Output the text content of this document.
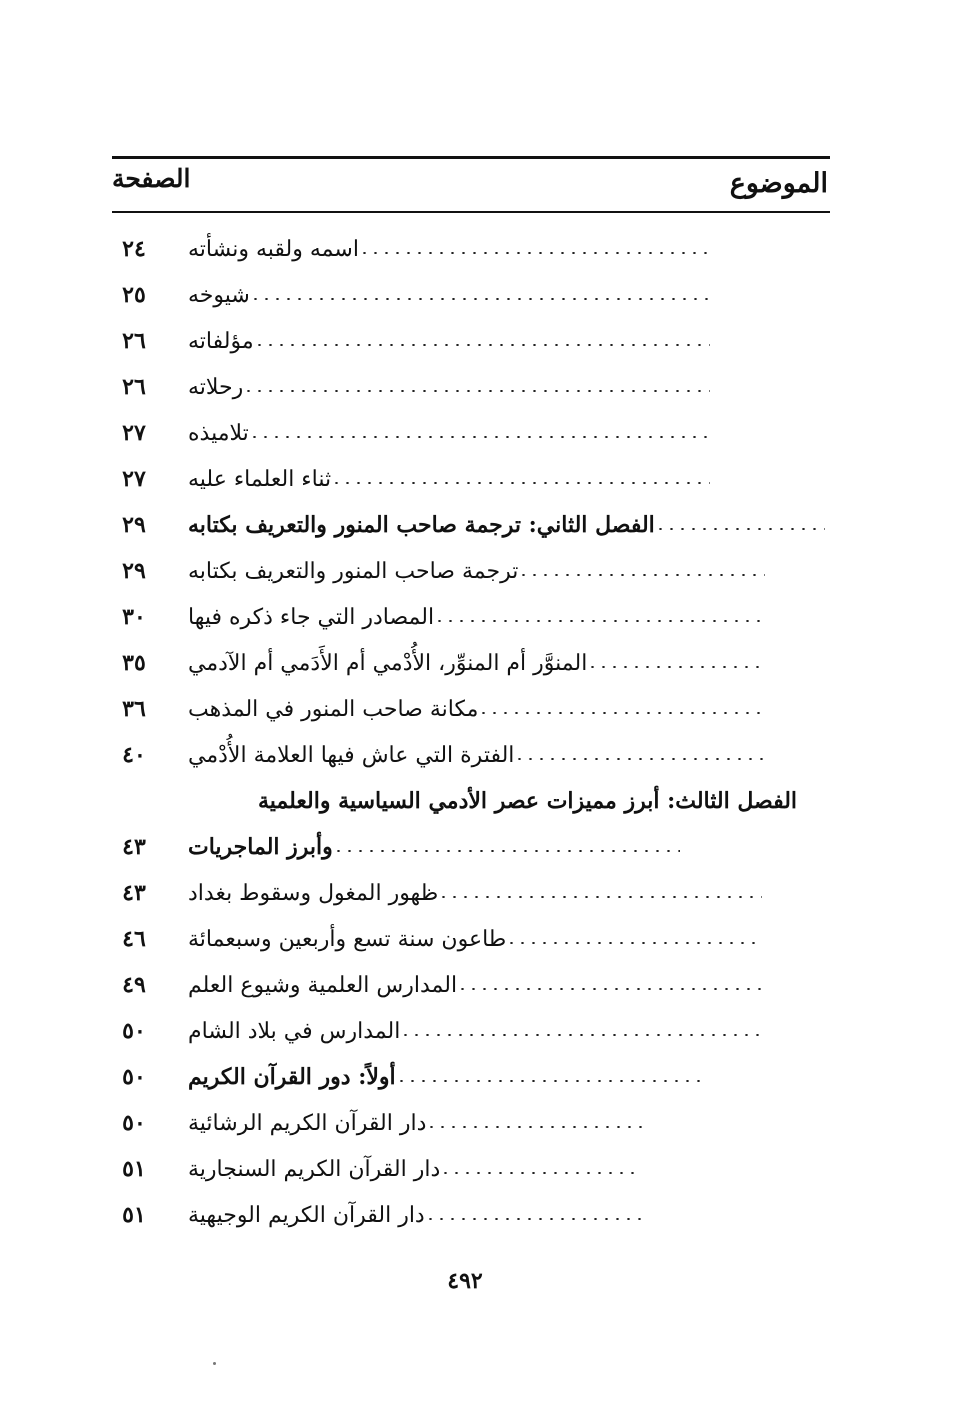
الموضوع
الصفحة
اسمه ولقبه ونشأته
٢٤
شيوخه
٢٥
مؤلفاته
٢٦
رحلاته
٢٦
تلاميذه
٢٧
ثناء العلماء عليه
٢٧
الفصل الثاني: ترجمة صاحب المنور والتعريف بكتابه
٢٩
ترجمة صاحب المنور والتعريف بكتابه
٢٩
المصادر التي جاء ذكره فيها
٣٠
المنوَّر أم المنوِّر، الأُدْمي أم الأَدَمي أم الآدمي
٣٥
مكانة صاحب المنور في المذهب
٣٦
الفترة التي عاش فيها العلامة الأُدْمي
٤٠
الفصل الثالث: أبرز مميزات عصر الأدمي السياسية والعلمية
وأبرز الماجريات
٤٣
ظهور المغول وسقوط بغداد
٤٣
طاعون سنة تسع وأربعين وسبعمائة
٤٦
المدارس العلمية وشيوع العلم
٤٩
المدارس في بلاد الشام
٥٠
أولاً: دور القرآن الكريم
٥٠
دار القرآن الكريم الرشائية
٥٠
دار القرآن الكريم السنجارية
٥١
دار القرآن الكريم الوجيهية
٥١
٤٩٢
